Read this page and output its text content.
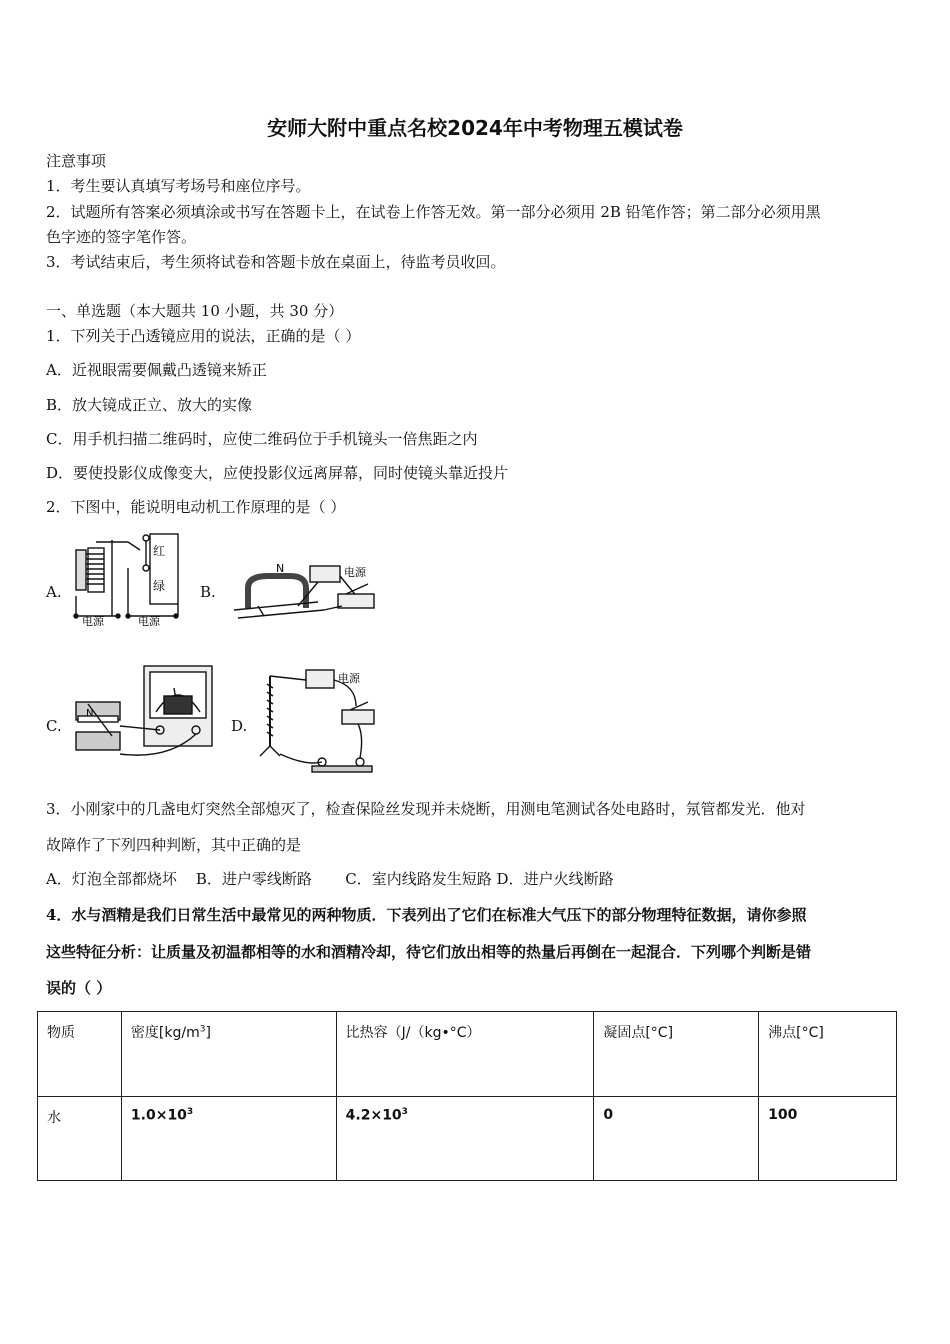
安师大附中重点名校2024年中考物理五模试卷
注意事项
1．考生要认真填写考场号和座位序号。
2．试题所有答案必须填涂或书写在答题卡上，在试卷上作答无效。第一部分必须用 2B 铅笔作答；第二部分必须用黑
色字迹的签字笔作答。
3．考试结束后，考生须将试卷和答题卡放在桌面上，待监考员收回。
一、单选题（本大题共 10 小题，共 30 分）
1．下列关于凸透镜应用的说法，正确的是（ ）
A．近视眼需要佩戴凸透镜来矫正
B．放大镜成正立、放大的实像
C．用手机扫描二维码时，应使二维码位于手机镜头一倍焦距之内
D．要使投影仪成像变大，应使投影仪远离屏幕，同时使镜头靠近投片
2．下图中，能说明电动机工作原理的是（ ）
A.	B.
C.	D.
红
绿
电源	电源
N	电源
N
电源
3．小刚家中的几盏电灯突然全部熄灭了，检查保险丝发现并未烧断，用测电笔测试各处电路时，氖管都发光．他对
故障作了下列四种判断，其中正确的是
A．灯泡全部都烧坏    B．进户零线断路       C．室内线路发生短路 D．进户火线断路
4．水与酒精是我们日常生活中最常见的两种物质．下表列出了它们在标准大气压下的部分物理特征数据，请你参照
这些特征分析：让质量及初温都相等的水和酒精冷却，待它们放出相等的热量后再倒在一起混合．下列哪个判断是错
误的（ ）
物质	密度$[kg/m^3]$	比热容（J/（kg•°C）	凝固点[°C]	沸点[°C]
水	$1.0\times 10^3$	$4.2\times 10^3$	0	100
